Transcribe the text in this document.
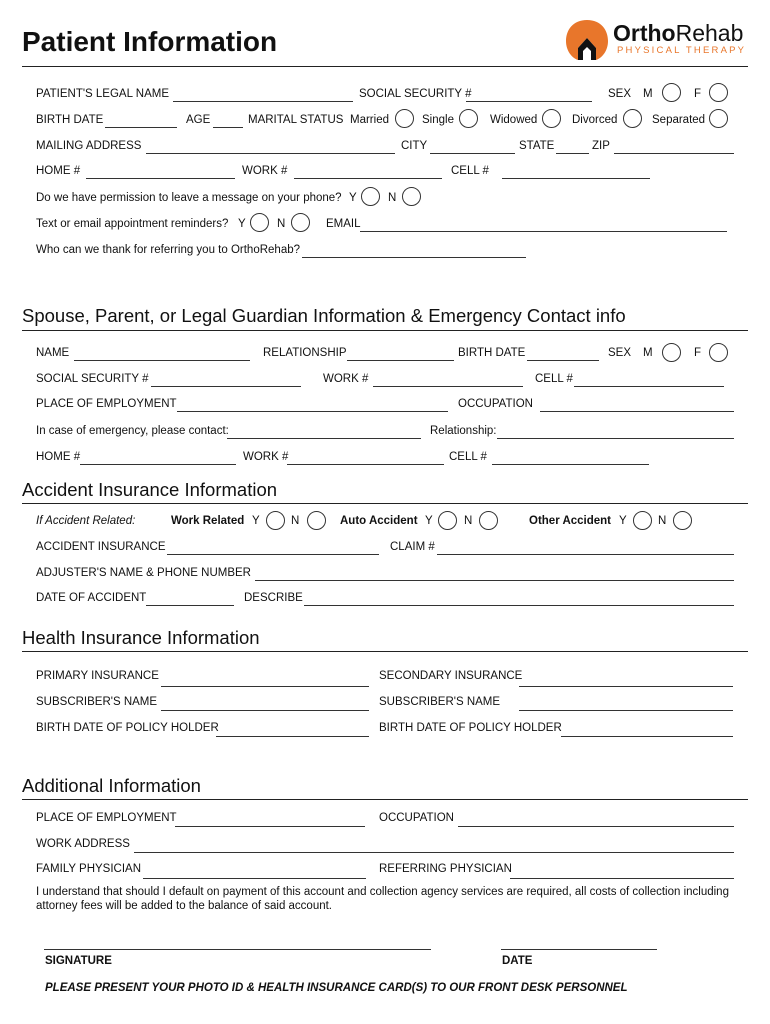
Patient Information	OrthoRehab
PHYSICAL THERAPY
PATIENT'S LEGAL NAME	SOCIAL SECURITY #	SEX M	F
BIRTH DATE	AGE	MARITAL STATUS Married	Single	Widowed	Divorced	Separated
MAILING ADDRESS	CITY	STATE	ZIP
HOME #	WORK #	CELL #
Do we have permission to leave a message on your phone? Y	N
Text or email appointment reminders? Y	N	EMAIL
Who can we thank for referring you to OrthoRehab?
Spouse, Parent, or Legal Guardian Information & Emergency Contact info
NAME	RELATIONSHIP	BIRTH DATE	SEX M	F
SOCIAL SECURITY #	WORK #	CELL #
PLACE OF EMPLOYMENT	OCCUPATION
In case of emergency, please contact:	Relationship:
HOME #	WORK #	CELL #
Accident Insurance Information
If Accident Related:	Work Related Y	N	Auto Accident Y	N	Other Accident Y	N
ACCIDENT INSURANCE	CLAIM #
ADJUSTER'S NAME & PHONE NUMBER
DATE OF ACCIDENT	DESCRIBE
Health Insurance Information
PRIMARY INSURANCE	SECONDARY INSURANCE
SUBSCRIBER'S NAME	SUBSCRIBER'S NAME
BIRTH DATE OF POLICY HOLDER	BIRTH DATE OF POLICY HOLDER
Additional Information
PLACE OF EMPLOYMENT	OCCUPATION
WORK ADDRESS
FAMILY PHYSICIAN	REFERRING PHYSICIAN
I understand that should I default on payment of this account and collection agency services are required, all costs of collection including attorney fees will be added to the balance of said account.
SIGNATURE	DATE
PLEASE PRESENT YOUR PHOTO ID & HEALTH INSURANCE CARD(S) TO OUR FRONT DESK PERSONNEL
